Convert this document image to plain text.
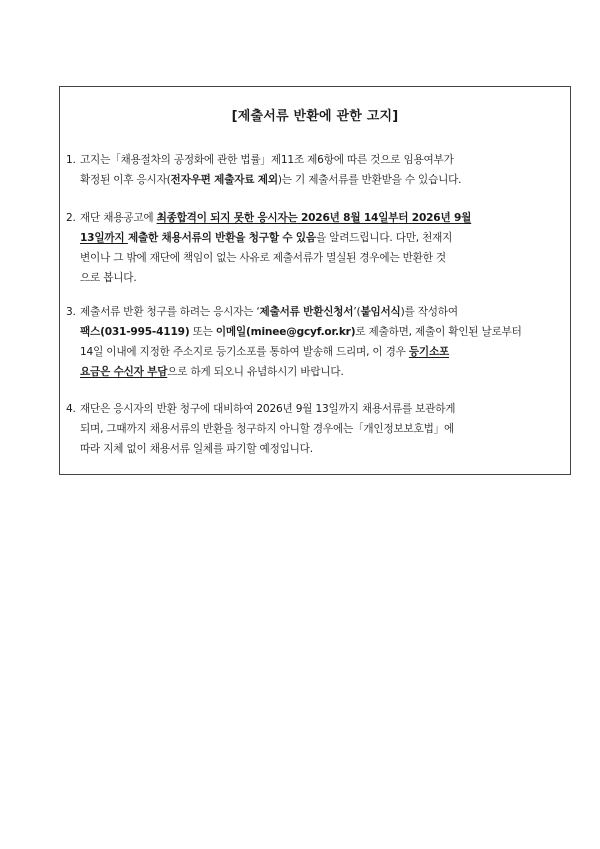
[제출서류 반환에 관한 고지]
1. 고지는「채용절차의 공정화에 관한 법률」제11조 제6항에 따른 것으로 임용여부가
확정된 이후 응시자(전자우편 제출자료 제외)는 기 제출서류를 반환받을 수 있습니다.
2. 재단 채용공고에 최종합격이 되지 못한 응시자는 2026년 8월 14일부터 2026년 9월
13일까지 제출한 채용서류의 반환을 청구할 수 있음을 알려드립니다. 다만, 천재지
변이나 그 밖에 재단에 책임이 없는 사유로 제출서류가 멸실된 경우에는 반환한 것
으로 봅니다.
3. 제출서류 반환 청구를 하려는 응시자는 ‘제출서류 반환신청서’(붙임서식)를 작성하여
팩스(031-995-4119) 또는 이메일(minee@gcyf.or.kr)로 제출하면, 제출이 확인된 날로부터
14일 이내에 지정한 주소지로 등기소포를 통하여 발송해 드리며, 이 경우 등기소포
요금은 수신자 부담으로 하게 되오니 유념하시기 바랍니다.
4. 재단은 응시자의 반환 청구에 대비하여 2026년 9월 13일까지 채용서류를 보관하게
되며, 그때까지 채용서류의 반환을 청구하지 아니할 경우에는「개인정보보호법」에
따라 지체 없이 채용서류 일체를 파기할 예정입니다.
